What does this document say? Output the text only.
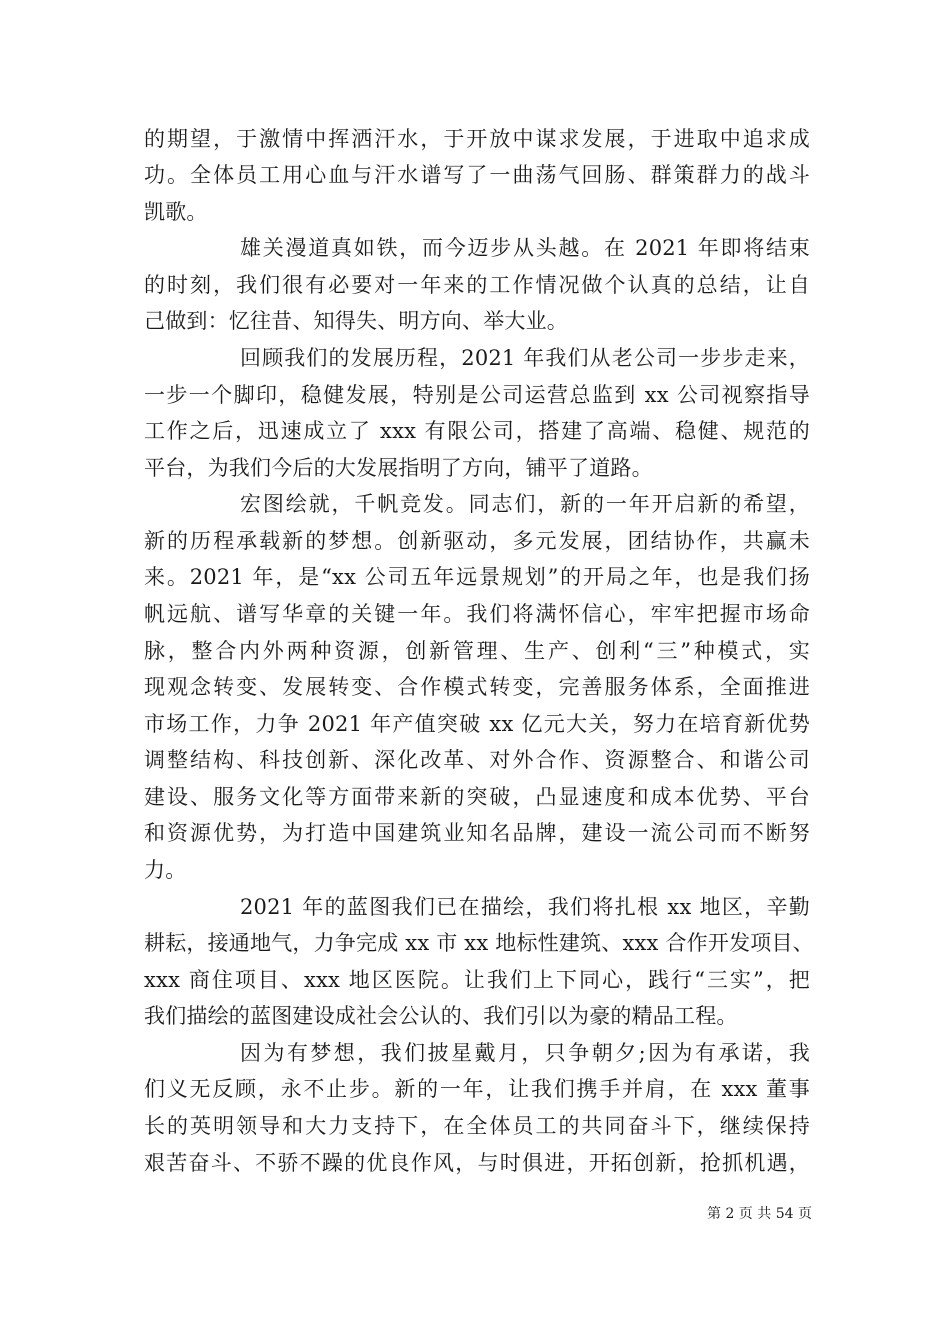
的期望，于激情中挥洒汗水，于开放中谋求发展，于进取中追求成
功。全体员工用心血与汗水谱写了一曲荡气回肠、群策群力的战斗
凯歌。
雄关漫道真如铁，而今迈步从头越。在 2021 年即将结束
的时刻，我们很有必要对一年来的工作情况做个认真的总结，让自
己做到：忆往昔、知得失、明方向、举大业。
回顾我们的发展历程，2021 年我们从老公司一步步走来，
一步一个脚印，稳健发展，特别是公司运营总监到 xx 公司视察指导
工作之后，迅速成立了 xxx 有限公司，搭建了高端、稳健、规范的
平台，为我们今后的大发展指明了方向，铺平了道路。
宏图绘就，千帆竞发。同志们，新的一年开启新的希望，
新的历程承载新的梦想。创新驱动，多元发展，团结协作，共赢未
来。2021 年，是“xx 公司五年远景规划”的开局之年，也是我们扬
帆远航、谱写华章的关键一年。我们将满怀信心，牢牢把握市场命
脉，整合内外两种资源，创新管理、生产、创利“三”种模式，实
现观念转变、发展转变、合作模式转变，完善服务体系，全面推进
市场工作，力争 2021 年产值突破 xx 亿元大关，努力在培育新优势
调整结构、科技创新、深化改革、对外合作、资源整合、和谐公司
建设、服务文化等方面带来新的突破，凸显速度和成本优势、平台
和资源优势，为打造中国建筑业知名品牌，建设一流公司而不断努
力。
2021 年的蓝图我们已在描绘，我们将扎根 xx 地区，辛勤
耕耘，接通地气，力争完成 xx 市 xx 地标性建筑、xxx 合作开发项目、
xxx 商住项目、xxx 地区医院。让我们上下同心，践行“三实”，把
我们描绘的蓝图建设成社会公认的、我们引以为豪的精品工程。
因为有梦想，我们披星戴月，只争朝夕;因为有承诺，我
们义无反顾，永不止步。新的一年，让我们携手并肩，在 xxx 董事
长的英明领导和大力支持下，在全体员工的共同奋斗下，继续保持
艰苦奋斗、不骄不躁的优良作风，与时俱进，开拓创新，抢抓机遇，
第 2 页 共 54 页
